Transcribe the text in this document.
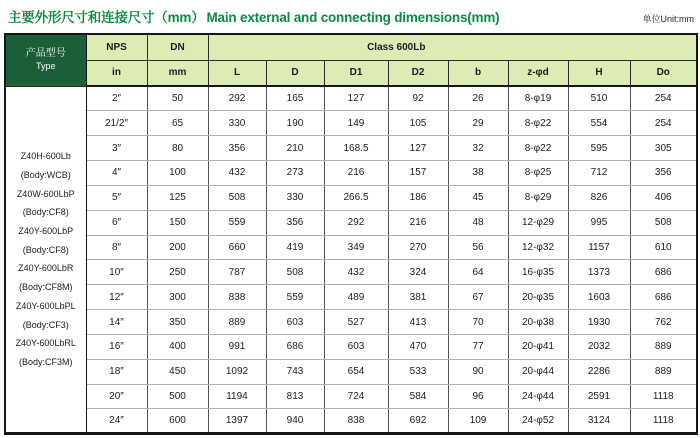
主要外形尺寸和连接尺寸（mm） Main external and connecting dimensions(mm)	单位Unit:mm
产品型号
Type	NPS	DN	Class 600Lb							
	in	mm	L	D	D1	D2	b	z-φd	H	Do

Z40H-600Lb
(Body:WCB)
Z40W-600LbP
(Body:CF8)
Z40Y-600LbP
(Body:CF8)
Z40Y-600LbR
(Body:CF8M)
Z40Y-600LbPL
(Body:CF3)
Z40Y-600LbRL
(Body:CF3M)
	2″	50	292	165	127	92	26	8-φ19	510	254
	21/2″	65	330	190	149	105	29	8-φ22	554	254
	3″	80	356	210	168.5	127	32	8-φ22	595	305
	4″	100	432	273	216	157	38	8-φ25	712	356
	5″	125	508	330	266.5	186	45	8-φ29	826	406
	6″	150	559	356	292	216	48	12-φ29	995	508
	8″	200	660	419	349	270	56	12-φ32	1157	610
	10″	250	787	508	432	324	64	16-φ35	1373	686
	12″	300	838	559	489	381	67	20-φ35	1603	686
	14″	350	889	603	527	413	70	20-φ38	1930	762
	16″	400	991	686	603	470	77	20-φ41	2032	889
	18″	450	1092	743	654	533	90	20-φ44	2286	889
	20″	500	1194	813	724	584	96	24-φ44	2591	1118
	24″	600	1397	940	838	692	109	24-φ52	3124	1118
